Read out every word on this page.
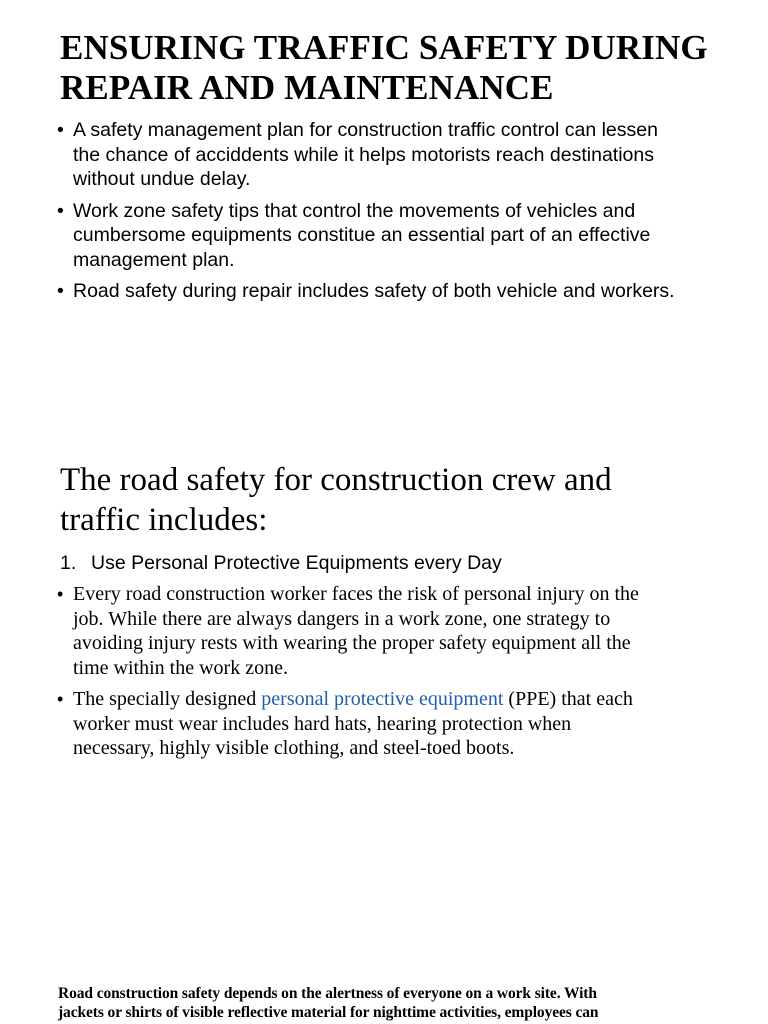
ENSURING TRAFFIC SAFETY DURING
REPAIR AND MAINTENANCE
• A safety management plan for construction traffic control can lessen
the chance of acciddents while it helps motorists reach destinations
without undue delay.
• Work zone safety tips that control the movements of vehicles and
cumbersome equipments constitue an essential part of an effective
management plan.
• Road safety during repair includes safety of both vehicle and workers.
The road safety for construction crew and
traffic includes:

1. Use Personal Protective Equipments every Day

• Every road construction worker faces the risk of personal injury on the
job. While there are always dangers in a work zone, one strategy to
avoiding injury rests with wearing the proper safety equipment all the
time within the work zone.
• The specially designed personal protective equipment (PPE) that each
worker must wear includes hard hats, hearing protection when
necessary, highly visible clothing, and steel-toed boots.

Road construction safety depends on the alertness of everyone on a work site. With
jackets or shirts of visible reflective material for nighttime activities, employees can
